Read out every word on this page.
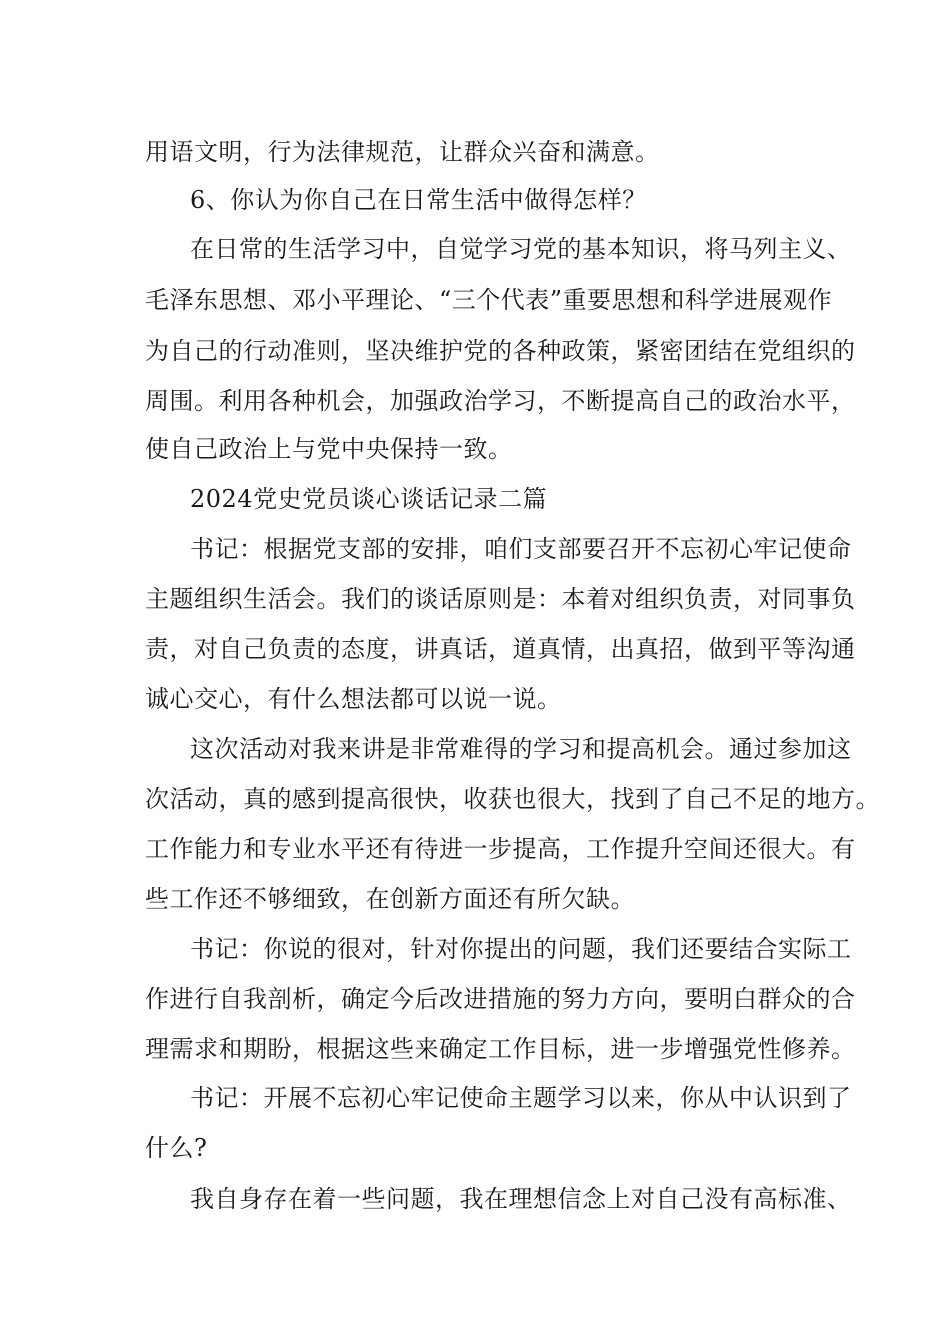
用语文明，行为法律规范，让群众兴奋和满意。
6、你认为你自己在日常生活中做得怎样？
在日常的生活学习中，自觉学习党的基本知识，将马列主义、
毛泽东思想、邓小平理论、“三个代表”重要思想和科学进展观作
为自己的行动准则，坚决维护党的各种政策，紧密团结在党组织的
周围。利用各种机会，加强政治学习，不断提高自己的政治水平，
使自己政治上与党中央保持一致。
2024党史党员谈心谈话记录二篇
书记：根据党支部的安排，咱们支部要召开不忘初心牢记使命
主题组织生活会。我们的谈话原则是：本着对组织负责，对同事负
责，对自己负责的态度，讲真话，道真情，出真招，做到平等沟通
诚心交心，有什么想法都可以说一说。
这次活动对我来讲是非常难得的学习和提高机会。通过参加这
次活动，真的感到提高很快，收获也很大，找到了自己不足的地方。
工作能力和专业水平还有待进一步提高，工作提升空间还很大。有
些工作还不够细致，在创新方面还有所欠缺。
书记：你说的很对，针对你提出的问题，我们还要结合实际工
作进行自我剖析，确定今后改进措施的努力方向，要明白群众的合
理需求和期盼，根据这些来确定工作目标，进一步增强党性修养。
书记：开展不忘初心牢记使命主题学习以来，你从中认识到了
什么?
我自身存在着一些问题，我在理想信念上对自己没有高标准、
